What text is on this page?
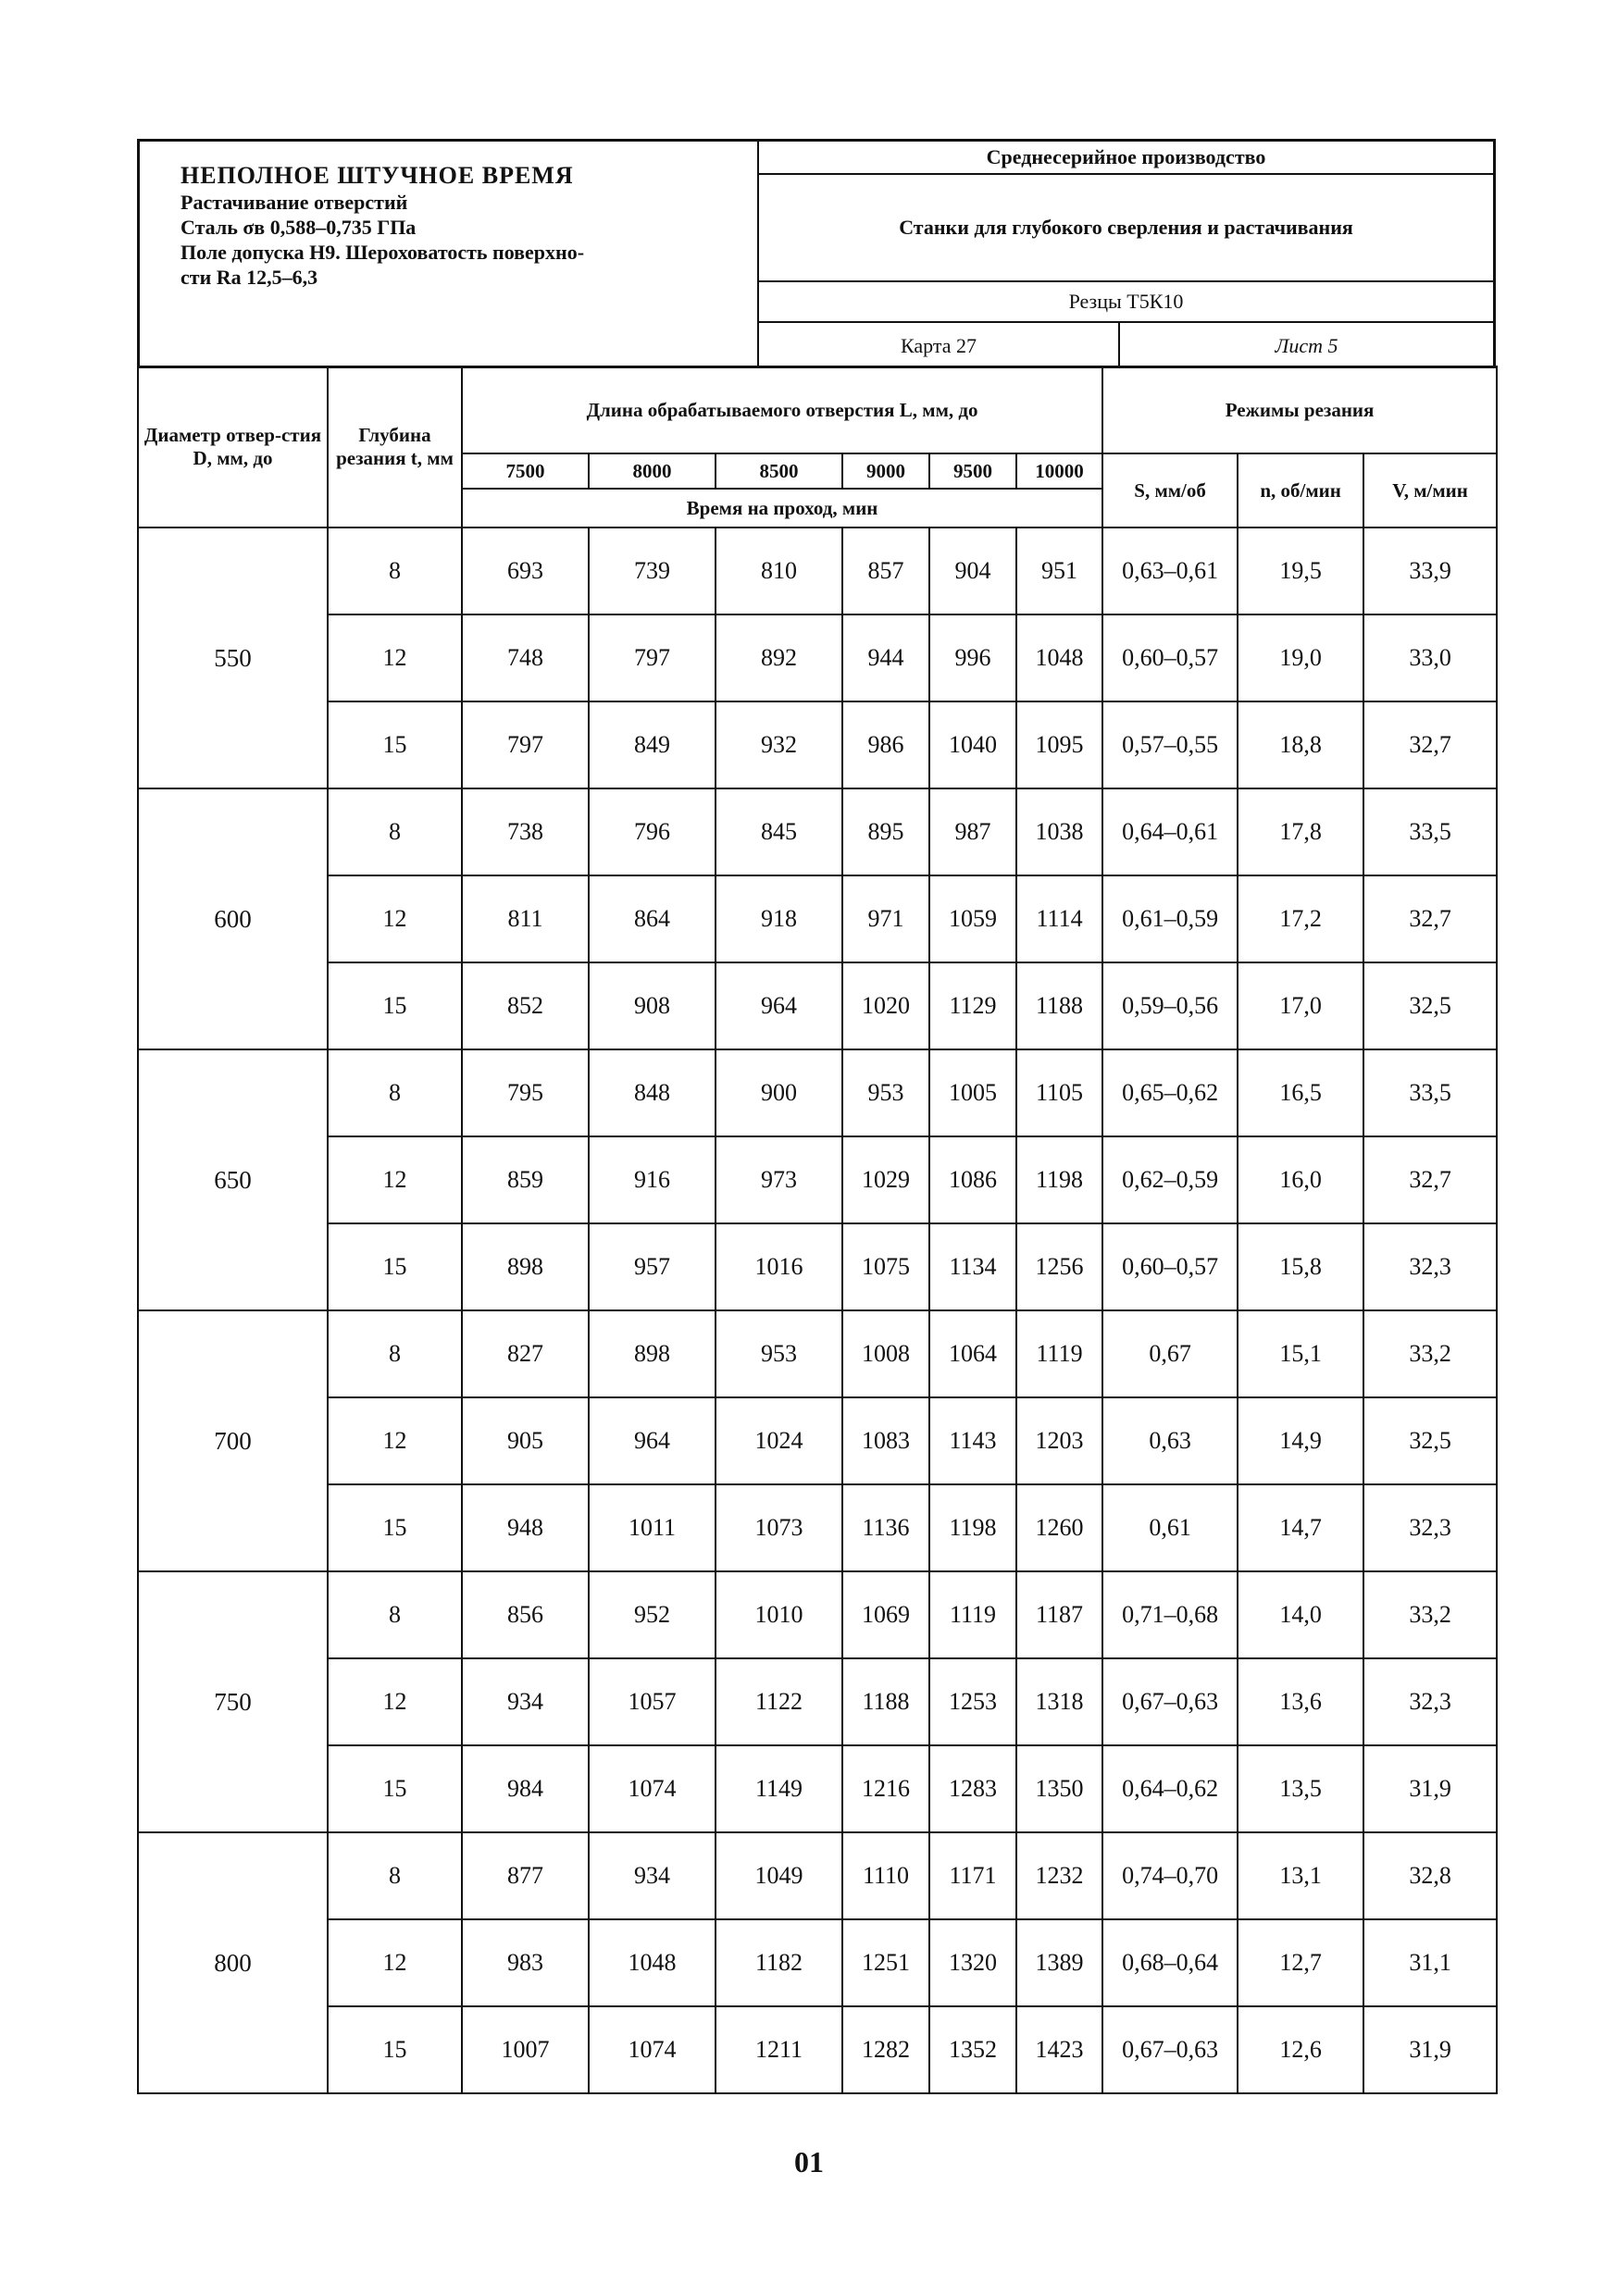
НЕПОЛНОЕ ШТУЧНОЕ ВРЕМЯ
Растачивание отверстий
Сталь σв 0,588–0,735 ГПа
Поле допуска Н9. Шероховатость поверхно-
сти Ra 12,5–6,3
Среднесерийное производство
Станки для глубокого сверления и растачивания
Резцы Т5К10
Карта 27	Лист 5
Диаметр отвер-стия D, мм, до	Глубина резания t, мм	Длина обрабатываемого отверстия L, мм, до						Режимы резания		
		7500	8000	8500	9000	9500	10000	S, мм/об	n, об/мин	V, м/мин
		Время на проход, мин								
550	8	693	739	810	857	904	951	0,63–0,61	19,5	33,9
	12	748	797	892	944	996	1048	0,60–0,57	19,0	33,0
	15	797	849	932	986	1040	1095	0,57–0,55	18,8	32,7
600	8	738	796	845	895	987	1038	0,64–0,61	17,8	33,5
	12	811	864	918	971	1059	1114	0,61–0,59	17,2	32,7
	15	852	908	964	1020	1129	1188	0,59–0,56	17,0	32,5
650	8	795	848	900	953	1005	1105	0,65–0,62	16,5	33,5
	12	859	916	973	1029	1086	1198	0,62–0,59	16,0	32,7
	15	898	957	1016	1075	1134	1256	0,60–0,57	15,8	32,3
700	8	827	898	953	1008	1064	1119	0,67	15,1	33,2
	12	905	964	1024	1083	1143	1203	0,63	14,9	32,5
	15	948	1011	1073	1136	1198	1260	0,61	14,7	32,3
750	8	856	952	1010	1069	1119	1187	0,71–0,68	14,0	33,2
	12	934	1057	1122	1188	1253	1318	0,67–0,63	13,6	32,3
	15	984	1074	1149	1216	1283	1350	0,64–0,62	13,5	31,9
800	8	877	934	1049	1110	1171	1232	0,74–0,70	13,1	32,8
	12	983	1048	1182	1251	1320	1389	0,68–0,64	12,7	31,1
	15	1007	1074	1211	1282	1352	1423	0,67–0,63	12,6	31,9
01
